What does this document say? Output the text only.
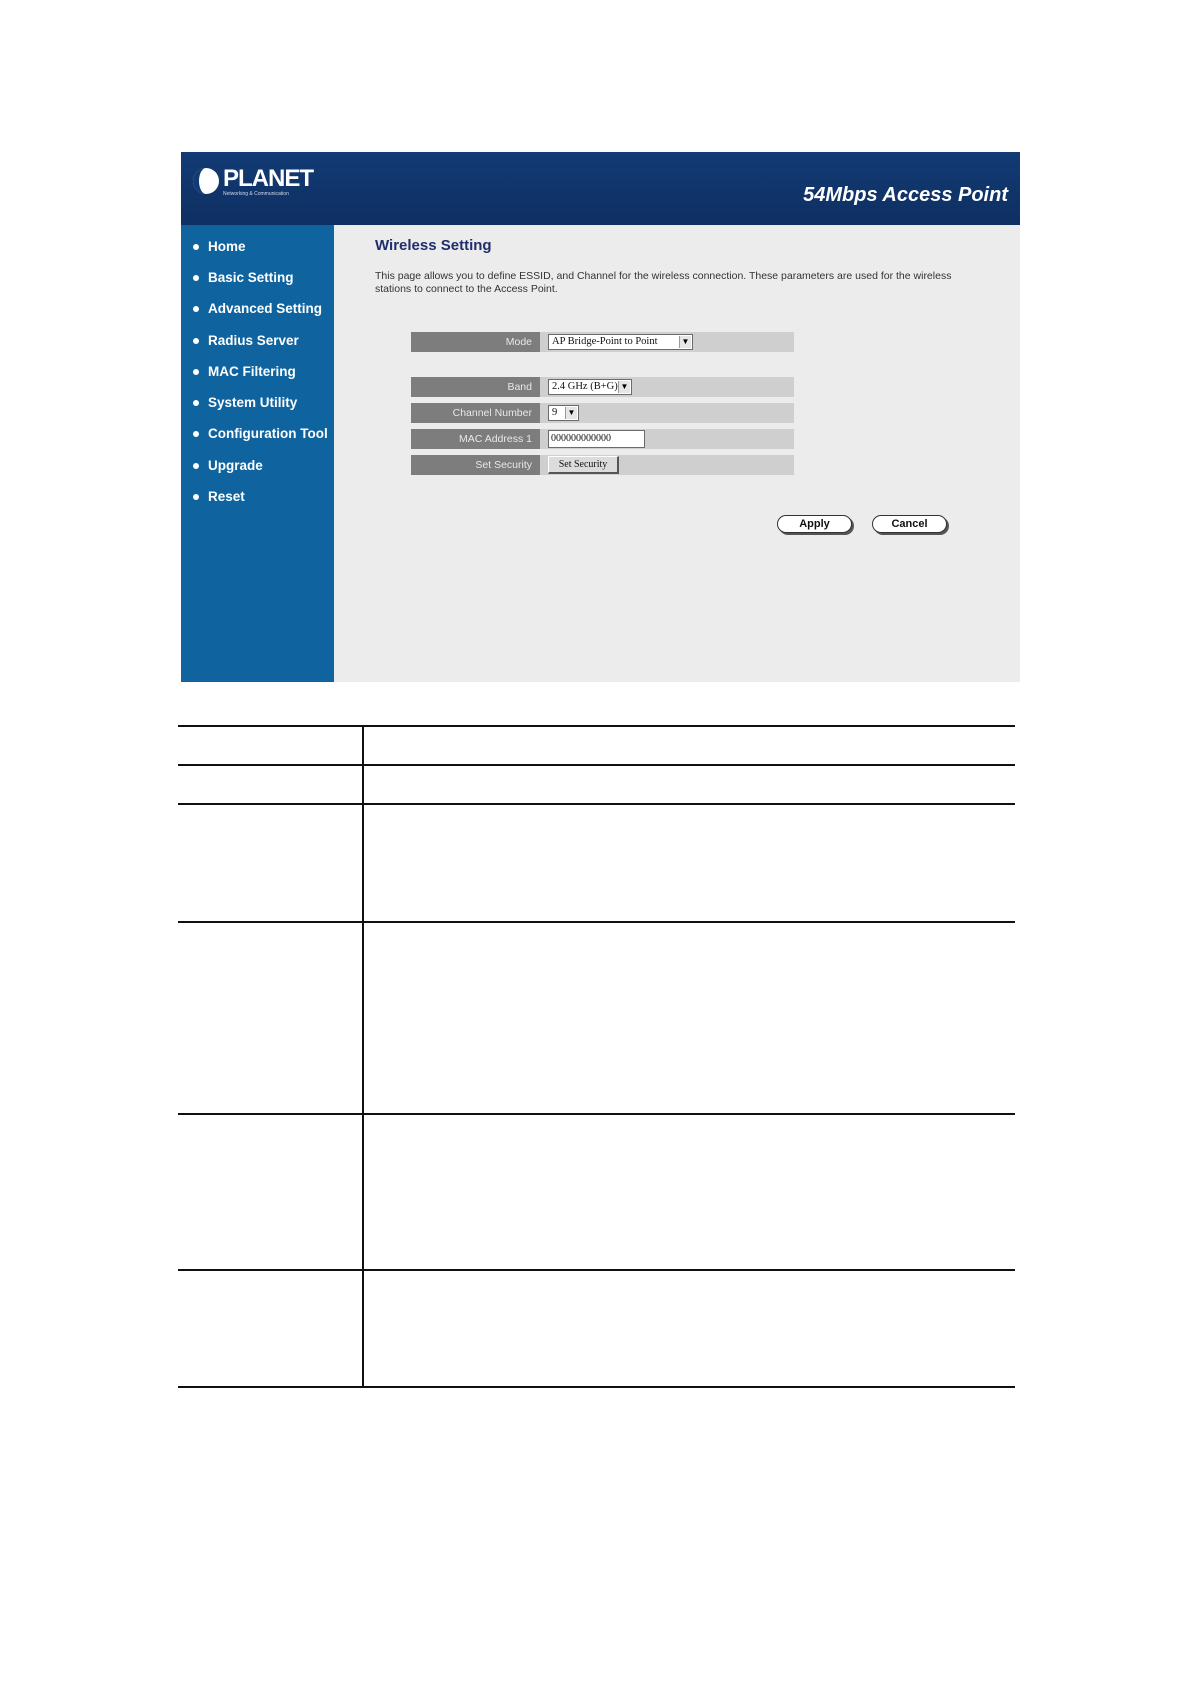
PLANET
Networking & Communication	54Mbps Access Point
Home
Basic Setting
Advanced Setting
Radius Server
MAC Filtering
System Utility
Configuration Tool
Upgrade
Reset
Wireless Setting
This page allows you to define ESSID, and Channel for the wireless connection. These parameters are used for the wireless stations to connect to the Access Point.
Mode	AP Bridge-Point to Point	▼
Band	2.4 GHz (B+G) ▼
Channel Number	9	▼
MAC Address 1	000000000000
Set Security	Set Security
Apply	Cancel
